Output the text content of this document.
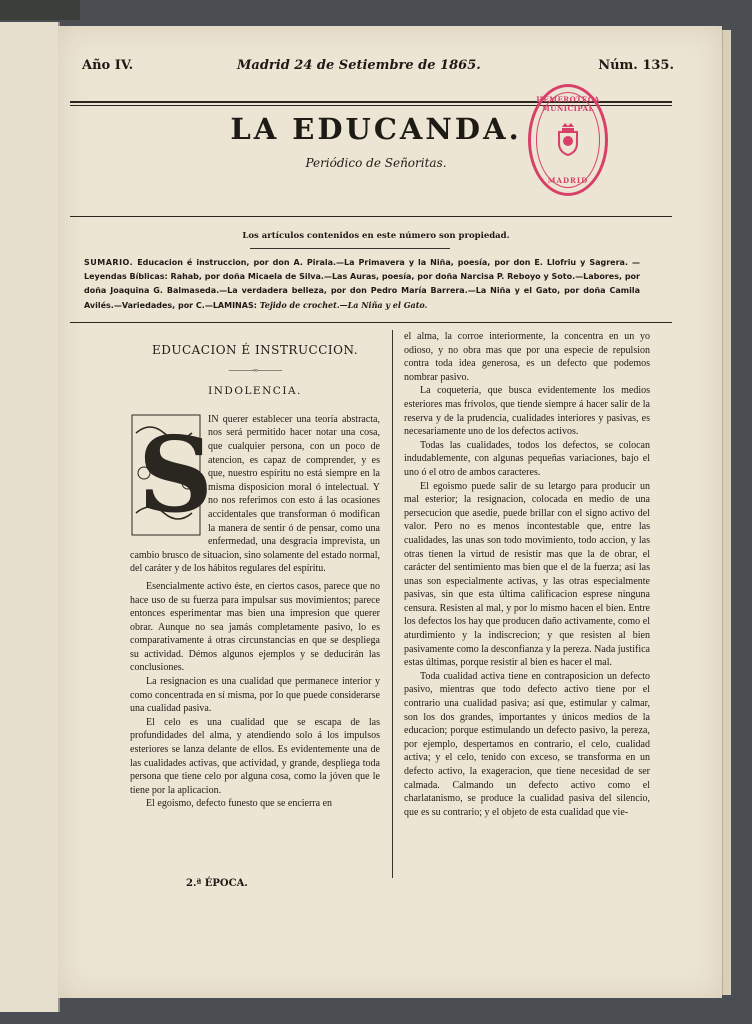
Año IV.	Madrid 24 de Setiembre de 1865.	Núm. 135.
LA EDUCANDA.
Periódico de Señoritas.
HEMEROTECA MUNICIPAL
MADRID
Los artículos contenidos en este número son propiedad.
SUMARIO. Educacion é instruccion, por don A. Pirala.—La Primavera y la Niña, poesía, por don E. Llofriu y Sagrera. —Leyendas Bíblicas: Rahab, por doña Micaela de Silva.—Las Auras, poesía, por doña Narcisa P. Reboyo y Soto.—Labores, por doña Joaquina G. Balmaseda.—La verdadera belleza, por don Pedro María Barrera.—La Niña y el Gato, por doña Camila Avilés.—Variedades, por C.—LAMINAS: Tejido de crochet.—La Niña y el Gato.
EDUCACION É INSTRUCCION.
———◦◦———
INDOLENCIA.
S

IN querer establecer una teoría abstracta, nos será permitido hacer notar una cosa, que cualquier persona, con un poco de atencion, es capaz de comprender, y es que, nuestro espíritu no está siempre en la misma disposicion moral ó intelectual. Y no nos referimos con esto á las ocasiones accidentales que transforman ó modifican la manera de sentir ó de pensar, como una enfermedad, una desgracia imprevista, un cambio brusco de situacion, sino solamente del estado normal, del caráter y de los hábitos regulares del espíritu.

Esencialmente activo éste, en ciertos casos, parece que no hace uso de su fuerza para impulsar sus movimientos; parece entonces esperimentar mas bien una impresion que querer obrar. Aunque no sea jamás completamente pasivo, lo es comparativamente á otras circunstancias en que se despliega su actividad. Démos algunos ejemplos y se deducirán las conclusiones.

La resignacion es una cualidad que permanece interior y como concentrada en sí misma, por lo que puede considerarse una cualidad pasiva.

El celo es una cualidad que se escapa de las profundidades del alma, y atendiendo solo á los impulsos esteriores se lanza delante de ellos. Es evidentemente una de las cualidades activas, que actividad, y grande, despliega toda persona que tiene celo por alguna cosa, como la jóven que le tiene por la aplicacion.

El egoismo, defecto funesto que se encierra en

el alma, la corroe interiormente, la concentra en un yo odioso, y no obra mas que por una especie de repulsion contra toda idea generosa, es un defecto que podemos nombrar pasivo.

La coquetería, que busca evidentemente los medios esteriores mas frívolos, que tiende siempre á hacer salir de la reserva y de la prudencia, cualidades interiores y pasivas, es necesariamente uno de los defectos activos.

Todas las cualidades, todos los defectos, se colocan indudablemente, con algunas pequeñas variaciones, bajo el uno ó el otro de ambos caracteres.

El egoismo puede salir de su letargo para producir un mal esterior; la resignacion, colocada en medio de una persecucion que asedie, puede brillar con el signo activo del valor. Pero no es menos incontestable que, entre las cualidades, las unas son todo movimiento, todo accion, y las otras tienen la virtud de resistir mas que la de obrar, el carácter del sentimiento mas bien que el de la fuerza; así las unas son especialmente activas, y las otras especialmente pasivas, sin que esta última calificacion esprese ninguna censura. Resisten al mal, y por lo mismo hacen el bien. Entre los defectos los hay que producen daño activamente, como el aturdimiento y la indiscrecion; y que resisten al bien pasivamente como la desconfianza y la pereza. Nada justifica estas últimas, porque resistir al bien es hacer el mal.

Toda cualidad activa tiene en contraposicion un defecto pasivo, mientras que todo defecto activo tiene por el contrario una cualidad pasiva; así que, estimular y calmar, son los dos grandes, importantes y únicos medios de la educacion; porque estimulando un defecto pasivo, la pereza, por ejemplo, despertamos en contrario, el celo, cualidad activa; y el celo, tenido con exceso, se transforma en un defecto activo, la exageracion, que tiene necesidad de ser calmada. Calmando un defecto activo como el charlatanismo, se produce la cualidad pasiva del silencio, que es su contrario; y el objeto de esta cualidad que vie-

2.ª ÉPOCA.
